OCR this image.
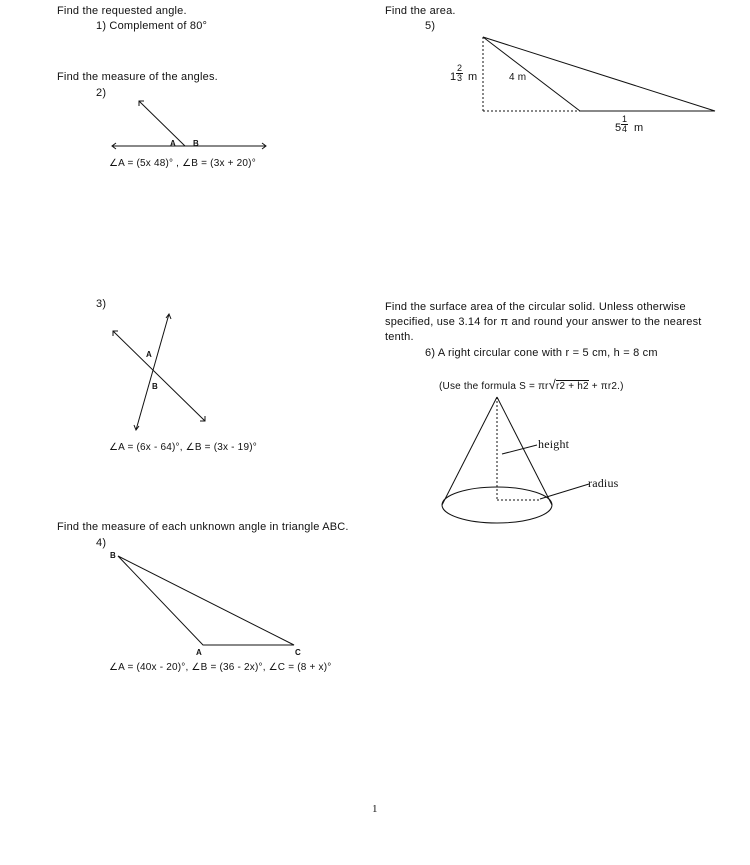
Find the requested angle.
1) Complement of 80°
Find the measure of the angles.
2)
A B
∠A = (5x 48)° , ∠B = (3x + 20)°
3)
A
B
∠A = (6x - 64)°, ∠B = (3x - 19)°
Find the measure of each unknown angle in triangle ABC.
4)
B
A	C
∠A = (40x - 20)°, ∠B = (36 - 2x)°, ∠C = (8 + x)°
Find the area.
5)
1
2
3 m	4 m
5
1
4 m
Find the surface area of the circular solid. Unless otherwise specified, use 3.14 for π and round your answer to the nearest tenth.
6) A right circular cone with r = 5 cm, h = 8 cm
(Use the formula S = πr√r2 + h2 + πr2.)
height
radius
1
